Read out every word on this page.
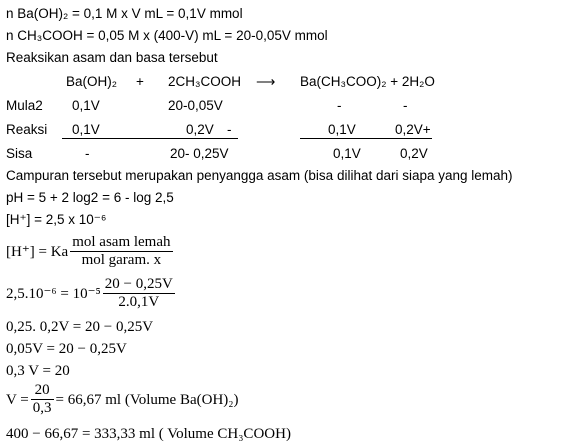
n Ba(OH)₂ = 0,1 M x V mL = 0,1V mmol
n CH₃COOH = 0,05 M x (400-V) mL = 20-0,05V mmol
Reaksikan asam dan basa tersebut
Ba(OH)₂ + 2CH₃COOH ⟶ Ba(CH₃COO)₂ + 2H₂O
Mula2 0,1V	20-0,05V	-	-
Reaksi 0,1V	0,2V -	0,1V	0,2V+
Sisa	-	20- 0,25V	0,1V	0,2V
Campuran tersebut merupakan penyangga asam (bisa dilihat dari siapa yang lemah)
pH = 5 + 2 log2 = 6 - log 2,5
[H⁺] = 2,5 x 10⁻⁶
[H⁺] = Ka $\frac{\text{mol asam lemah}}{\text{mol garam. x}}$
$2,5.10^{-6} = 10^{-5} \frac{20 - 0,25V}{2.0,1V}$
0,25. 0,2V = 20 − 0,25V
0,05V = 20 − 0,25V
0,3 V = 20
$V = \frac{20}{0,3} = 66,67$ ml (Volume Ba(OH)₂)
400 − 66,67 = 333,33 ml ( Volume CH₃COOH)
